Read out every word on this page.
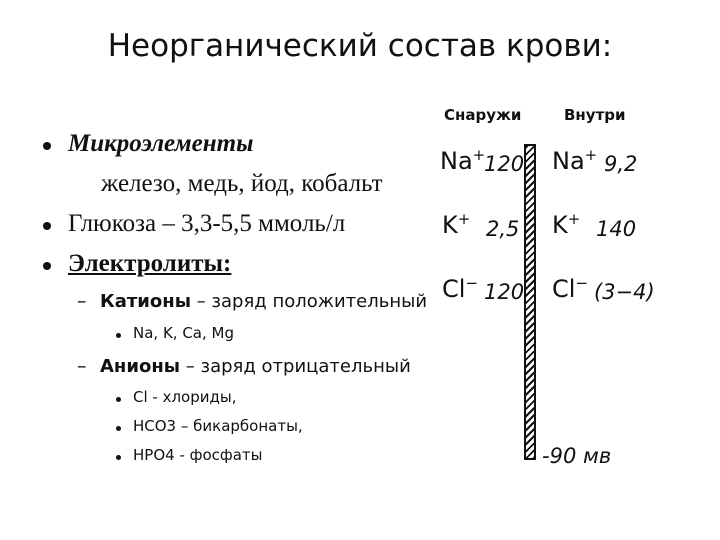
Неорганический состав крови:
Микроэлементы
железо, медь, йод, кобальт
Глюкоза – 3,3-5,5 ммоль/л
Электролиты:
– Катионы – заряд положительный
Na, K, Ca, Mg
– Анионы – заряд отрицательный
Cl - хлориды,
HCO3 – бикарбонаты,
HPO4 - фосфаты
Снаружи	Внутри
Na+
120 Na+ 9,2
K+ 2,5 K+ 140
Cl− 120 Cl− (3−4)
-90 мв
